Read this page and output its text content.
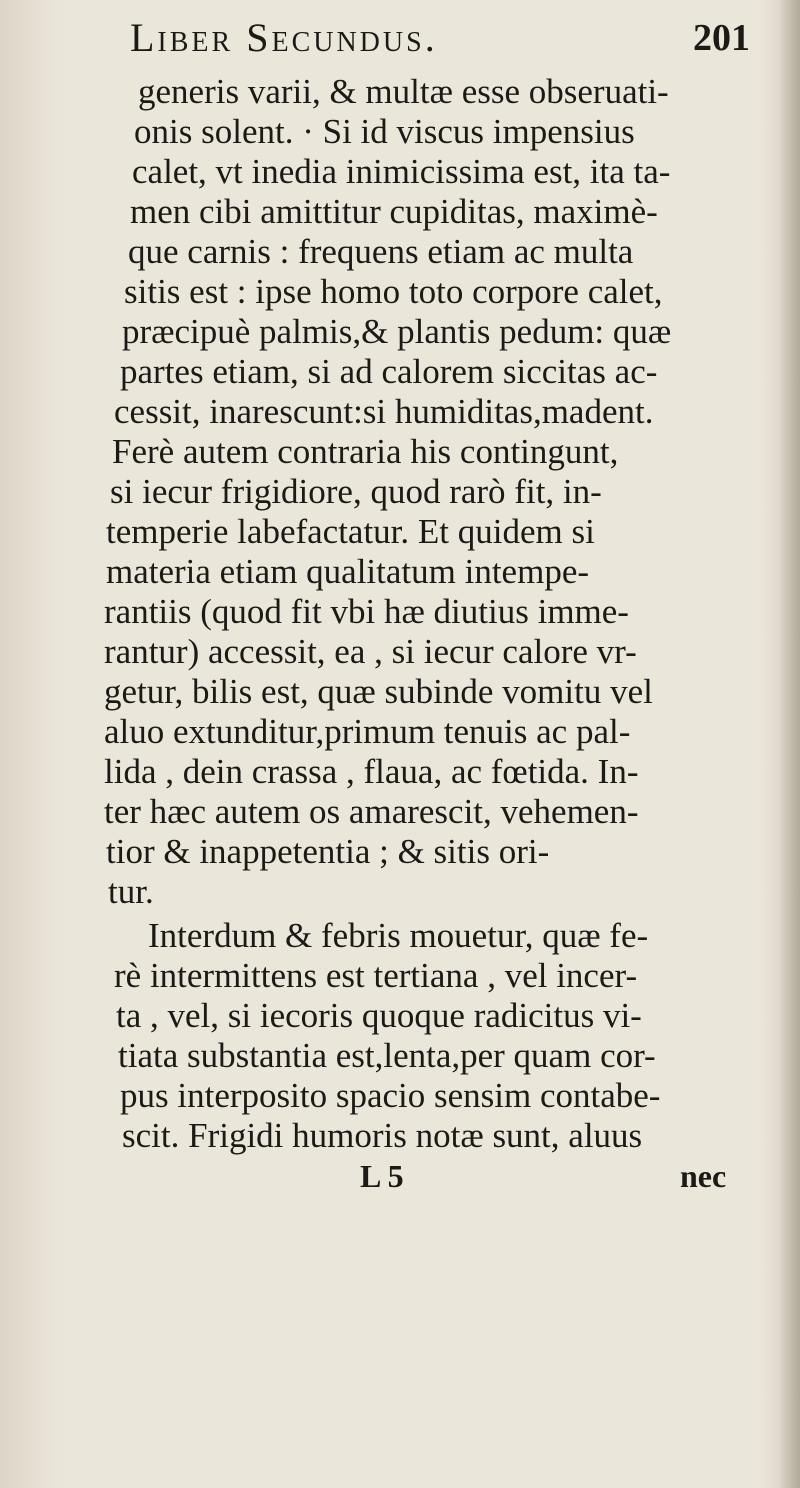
Liber Secundus.	201
generis varii, & multæ esse obseruati-
onis solent. · Si id viscus impensius
calet, vt inedia inimicissima est, ita ta-
men cibi amittitur cupiditas, maximè-
que carnis : frequens etiam ac multa
sitis est : ipse homo toto corpore calet,
præcipuè palmis,& plantis pedum: quæ
partes etiam, si ad calorem siccitas ac-
cessit, inarescunt:si humiditas,madent.
Ferè autem contraria his contingunt,
si iecur frigidiore, quod rarò fit, in-
temperie labefactatur. Et quidem si
materia etiam qualitatum intempe-
rantiis (quod fit vbi hæ diutius imme-
rantur) accessit, ea , si iecur calore vr-
getur, bilis est, quæ subinde vomitu vel
aluo extunditur,primum tenuis ac pal-
lida , dein crassa , flaua, ac fœtida. In-
ter hæc autem os amarescit, vehemen-
tior & inappetentia ; & sitis ori-
tur.
Interdum & febris mouetur, quæ fe-
rè intermittens est tertiana , vel incer-
ta , vel, si iecoris quoque radicitus vi-
tiata substantia est,lenta,per quam cor-
pus interposito spacio sensim contabe-
scit. Frigidi humoris notæ sunt, aluus
L 5	nec
